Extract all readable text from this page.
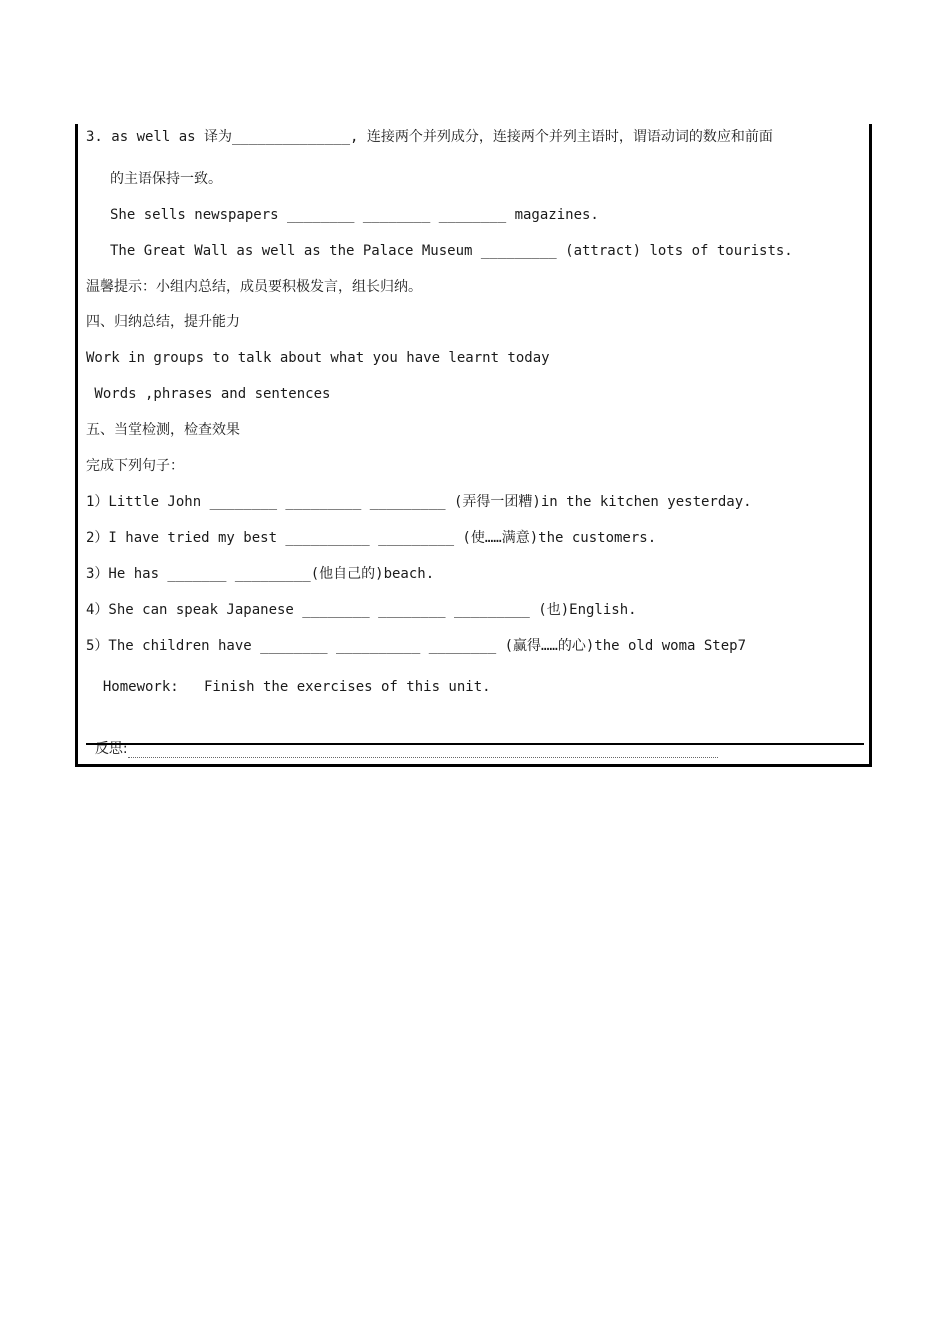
3. as well as 译为______________, 连接两个并列成分，连接两个并列主语时，谓语动词的数应和前面
的主语保持一致。
She sells newspapers ________ ________ ________ magazines.
The Great Wall as well as the Palace Museum _________ (attract) lots of tourists.
温馨提示：小组内总结，成员要积极发言，组长归纳。
四、归纳总结，提升能力
Work in groups to talk about what you have learnt today
Words ,phrases and sentences
五、当堂检测，检查效果
完成下列句子：
1）Little John ________ _________ _________ (弄得一团糟)in the kitchen yesterday.
2）I have tried my best __________ _________ (使……满意)the customers.
3）He has _______ _________(他自己的)beach.
4）She can speak Japanese ________ ________ _________ (也)English.
5）The children have ________ __________ ________ (赢得……的心)the old woma Step7
Homework:   Finish the exercises of this unit.

反思:
